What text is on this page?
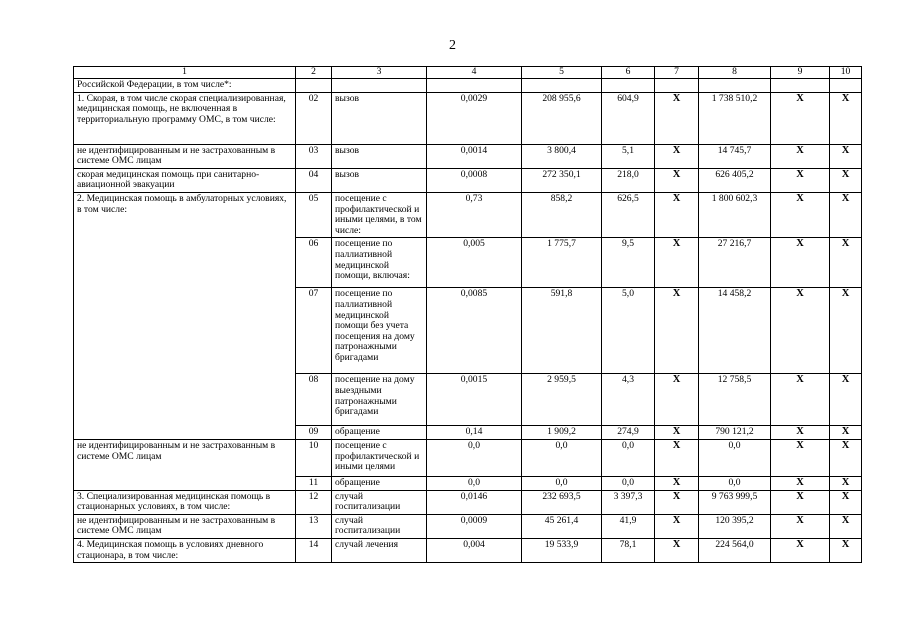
2
1	2	3	4	5	6	7	8	9	10
Российской Федерации, в том числе*:									
1. Скорая, в том числе скорая специализированная, медицинская помощь, не включенная в территориальную программу ОМС, в том числе:	02	вызов	0,0029	208 955,6	604,9	X	1 738 510,2	X	X
не идентифицированным и не застрахованным в системе ОМС лицам	03	вызов	0,0014	3 800,4	5,1	X	14 745,7	X	X
скорая медицинская помощь при санитарно-авиационной эвакуации	04	вызов	0,0008	272 350,1	218,0	X	626 405,2	X	X
2. Медицинская помощь в амбулаторных условиях, в том числе:	05	посещение с профилактической и иными целями, в том числе:	0,73	858,2	626,5	X	1 800 602,3	X	X
	06	посещение по паллиативной медицинской помощи, включая:	0,005	1 775,7	9,5	X	27 216,7	X	X
	07	посещение по паллиативной медицинской помощи без учета посещения на дому патронажными бригадами	0,0085	591,8	5,0	X	14 458,2	X	X
	08	посещение на дому выездными патронажными бригадами	0,0015	2 959,5	4,3	X	12 758,5	X	X
	09	обращение	0,14	1 909,2	274,9	X	790 121,2	X	X
не идентифицированным и не застрахованным в системе ОМС лицам	10	посещение с профилактической и иными целями	0,0	0,0	0,0	X	0,0	X	X
	11	обращение	0,0	0,0	0,0	X	0,0	X	X
3. Специализированная медицинская помощь в стационарных условиях, в том числе:	12	случай госпитализации	0,0146	232 693,5	3 397,3	X	9 763 999,5	X	X
не идентифицированным и не застрахованным в системе ОМС лицам	13	случай госпитализации	0,0009	45 261,4	41,9	X	120 395,2	X	X
4. Медицинская помощь в условиях дневного стационара, в том числе:	14	случай лечения	0,004	19 533,9	78,1	X	224 564,0	X	X
